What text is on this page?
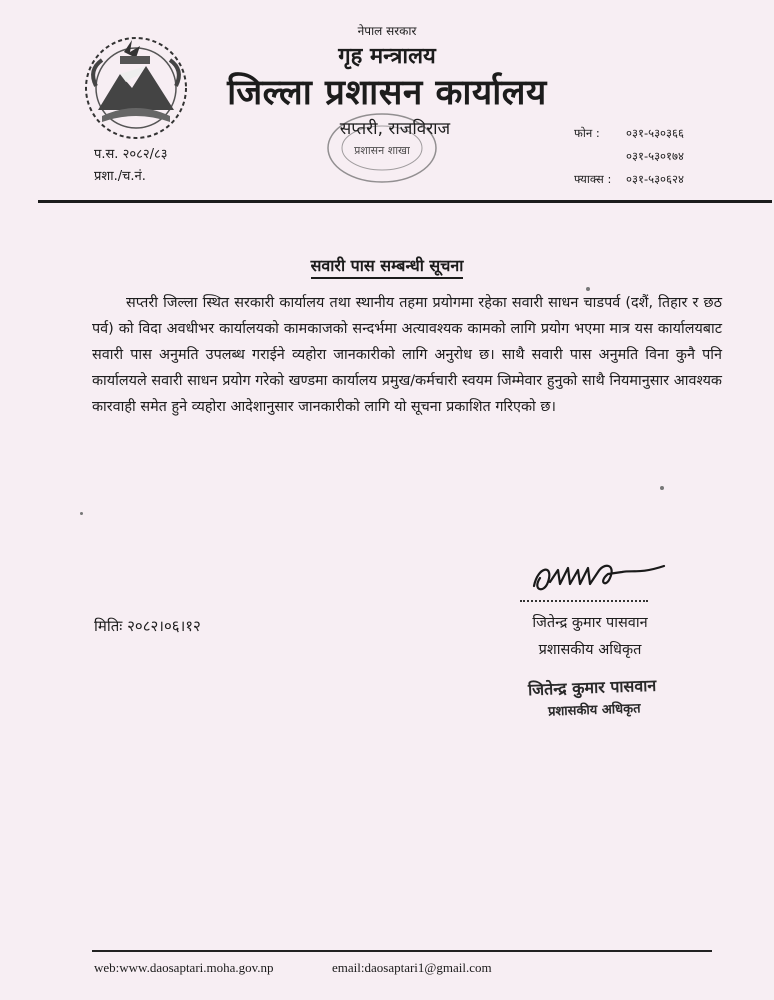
नेपाल सरकार
गृह मन्त्रालय
जिल्ला प्रशासन कार्यालय
प्रशासन शाखा
सप्तरी, राजविराज
प.स. २०८२/८३
प्रशा./च.नं.
फोन :	०३१-५३०३६६
०३१-५३०१७४
फ्याक्स :	०३१-५३०६२४
सवारी पास सम्बन्धी सूचना
सप्तरी जिल्ला स्थित सरकारी कार्यालय तथा स्थानीय तहमा प्रयोगमा रहेका सवारी साधन चाडपर्व (दशैं, तिहार र छठ पर्व) को विदा अवधीभर कार्यालयको कामकाजको सन्दर्भमा अत्यावश्यक कामको लागि प्रयोग भएमा मात्र यस कार्यालयबाट सवारी पास अनुमति उपलब्ध गराईने व्यहोरा जानकारीको लागि अनुरोध छ। साथै सवारी पास अनुमति विना कुनै पनि कार्यालयले सवारी साधन प्रयोग गरेको खण्डमा कार्यालय प्रमुख/कर्मचारी स्वयम जिम्मेवार हुनुको साथै नियमानुसार आवश्यक कारवाही समेत हुने व्यहोरा आदेशानुसार जानकारीको लागि यो सूचना प्रकाशित गरिएको छ।
मितिः २०८२।०६।१२	जितेन्द्र कुमार पासवान
प्रशासकीय अधिकृत
जितेन्द्र कुमार पासवान
प्रशासकीय अधिकृत
web:www.daosaptari.moha.gov.np	email:daosaptari1@gmail.com
